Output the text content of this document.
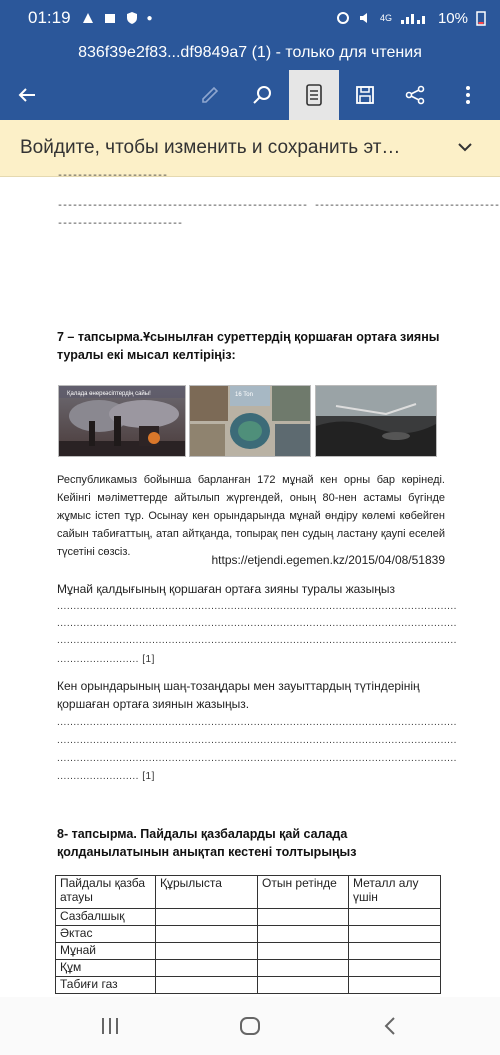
01:19	●	4G	10%
836f39e2f83...df9849a7 (1) - только для чтения
Войдите, чтобы изменить и сохранить эт…
----------------------
-------------------------------------------------- -------------------------------------
-------------------------
7 – тапсырма.Ұсынылған суреттердің қоршаған ортаға зияны туралы екі мысал келтіріңіз:
Қалада өнеркәсіптердің сайы!	16 Ton
Республикамыз бойынша барланған 172 мұнай кен орны бар көрінеді. Кейінгі мәліметтерде айтылып жүргендей, оның 80-нен астамы бүгінде жұмыс істеп тұр. Осынау кен орындарында мұнай өндіру көлемі көбейген сайын табиғаттың, атап айтқанда, топырақ пен судың ластану қаупі еселей түсетіні сөзсіз.
https://etjendi.egemen.kz/2015/04/08/51839
Мұнай қалдығының қоршаған ортаға зияны туралы жазыңыз
..........................................................................................................................
..........................................................................................................................
..........................................................................................................................
......................... [1]
Кен орындарының шаң-тозаңдары мен зауыттардың түтіндерінің қоршаған ортаға зиянын жазыңыз.
..........................................................................................................................
..........................................................................................................................
..........................................................................................................................
......................... [1]
8- тапсырма. Пайдалы қазбаларды қай салада қолданылатынын анықтап кестені толтырыңыз
Пайдалы қазба атауы	Құрылыста	Отын ретінде	Металл алу үшін
Сазбалшық			
Әктас			
Мұнай			
Құм			
Табиғи газ			
